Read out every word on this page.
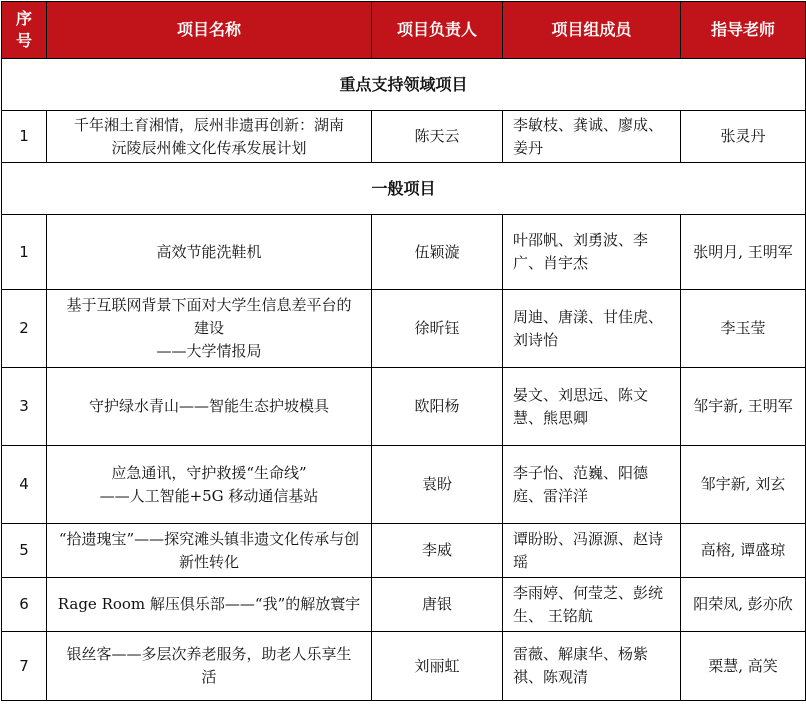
序号	项目名称	项目负责人	项目组成员	指导老师
重点支持领域项目				
1	千年湘土育湘情，辰州非遗再创新：湖南沅陵辰州傩文化传承发展计划	陈天云	李敏枝、龚诚、廖成、姜丹	张灵丹
一般项目				
1	高效节能洗鞋机	伍颖漩	叶邵帆、刘勇波、李广、肖宇杰	张明月, 王明军
2	基于互联网背景下面对大学生信息差平台的建设
——大学情报局	徐昕钰	周迪、唐漾、甘佳虎、刘诗怡	李玉莹
3	守护绿水青山——智能生态护坡模具	欧阳杨	晏文、刘思远、陈文慧、熊思卿	邹宇新, 王明军
4	应急通讯，守护救援“生命线”
——人工智能+5G 移动通信基站	袁盼	李子怡、范巍、阳德庭、雷洋洋	邹宇新, 刘玄
5	“拾遗瑰宝”——探究滩头镇非遗文化传承与创新性转化	李威	谭盼盼、冯源源、赵诗瑶	高榕, 谭盛琼
6	Rage Room 解压俱乐部——“我”的解放寰宇	唐银	李雨婷、何莹芝、彭统生、 王铭航	阳荣凤, 彭亦欣
7	银丝客——多层次养老服务，助老人乐享生活	刘丽虹	雷薇、解康华、杨紫祺、陈观清	栗慧, 高笑
